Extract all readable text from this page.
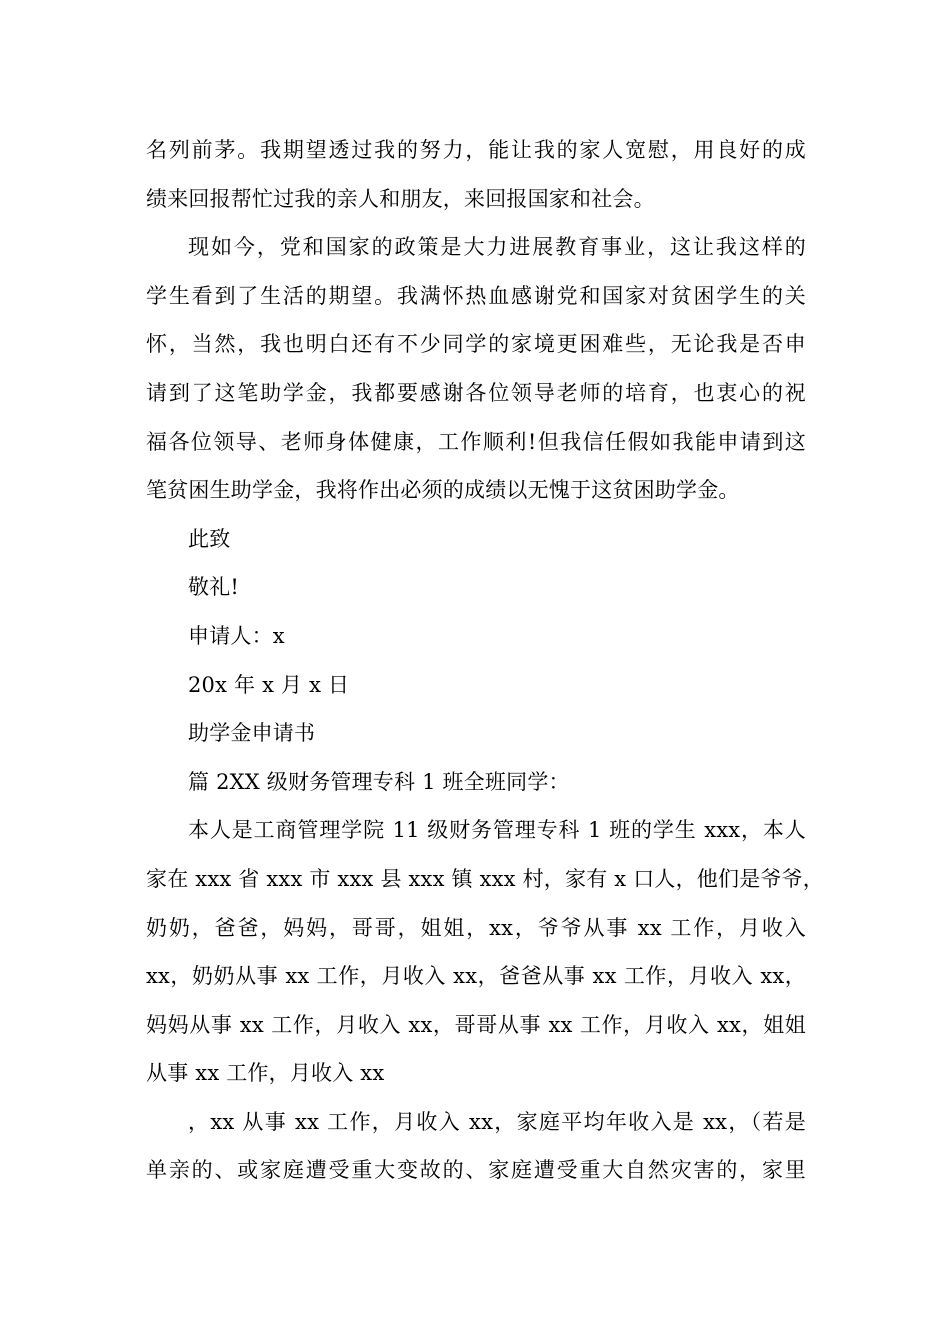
名列前茅。我期望透过我的努力，能让我的家人宽慰，用良好的成
绩来回报帮忙过我的亲人和朋友，来回报国家和社会。

现如今，党和国家的政策是大力进展教育事业，这让我这样的
学生看到了生活的期望。我满怀热血感谢党和国家对贫困学生的关
怀，当然，我也明白还有不少同学的家境更困难些，无论我是否申
请到了这笔助学金，我都要感谢各位领导老师的培育，也衷心的祝
福各位领导、老师身体健康，工作顺利!但我信任假如我能申请到这
笔贫困生助学金，我将作出必须的成绩以无愧于这贫困助学金。

此致

敬礼!

申请人：x

20x 年 x 月 x 日

助学金申请书

篇 2XX 级财务管理专科 1 班全班同学：

本人是工商管理学院 11 级财务管理专科 1 班的学生 xxx，本人
家在 xxx 省 xxx 市 xxx 县 xxx 镇 xxx 村，家有 x 口人，他们是爷爷，
奶奶，爸爸，妈妈，哥哥，姐姐，xx，爷爷从事 xx 工作，月收入
xx，奶奶从事 xx 工作，月收入 xx，爸爸从事 xx 工作，月收入 xx，
妈妈从事 xx 工作，月收入 xx，哥哥从事 xx 工作，月收入 xx，姐姐
从事 xx 工作，月收入 xx

，xx 从事 xx 工作，月收入 xx，家庭平均年收入是 xx，（若是
单亲的、或家庭遭受重大变故的、家庭遭受重大自然灾害的，家里
